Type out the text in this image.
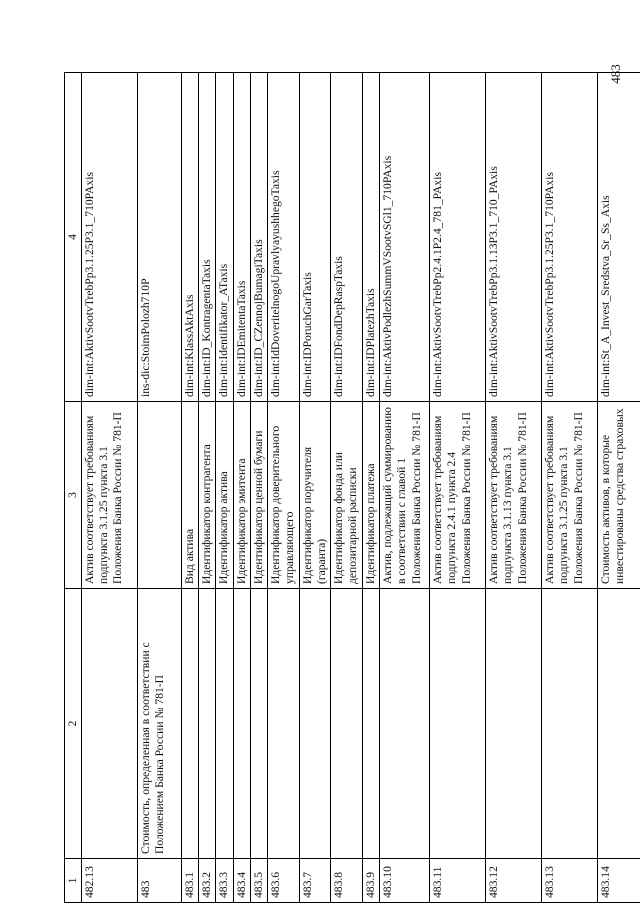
483
1	2	3	4
482.13		Актив соответствует требованиям подпункта 3.1.25 пункта 3.1 Положения Банка России № 781-П	dim-int:AktivSootvTrebPp3.1.25P3.1_710PAxis
483	Стоимость, определенная в соответствии с Положением Банка России № 781-П		ins-dic:StoimPolozh710P
483.1		Вид актива	dim-int:KlassAktAxis
483.2		Идентификатор контрагента	dim-int:ID_KontragentaTaxis
483.3		Идентификатор актива	dim-int:Identifikator_ATaxis
483.4		Идентификатор эмитента	dim-int:IDEmitentaTaxis
483.5		Идентификатор ценной бумаги	dim-int:ID_CZennojBumagiTaxis
483.6		Идентификатор доверительного управляющего	dim-int:IdDoveritelnogoUpravlyayushhegoTaxis
483.7		Идентификатор поручителя (гаранта)	dim-int:IDPoruchGarTaxis
483.8		Идентификатор фонда или депозитарной расписки	dim-int:IDFondDepRaspTaxis
483.9		Идентификатор платежа	dim-int:IDPlatezhTaxis
483.10		Актив, подлежащий суммированию в соответствии с главой 1 Положения Банка России № 781-П	dim-int:AktivPodlezhSummVSootvSGl1_710PAxis
483.11		Актив соответствует требованиям подпункта 2.4.1 пункта 2.4 Положения Банка России № 781-П	dim-int:AktivSootvTrebPp2.4.1P2.4_781_PAxis
483.12		Актив соответствует требованиям подпункта 3.1.13 пункта 3.1 Положения Банка России № 781-П	dim-int:AktivSootvTrebPp3.1.13P3.1_710_PAxis
483.13		Актив соответствует требованиям подпункта 3.1.25 пункта 3.1 Положения Банка России № 781-П	dim-int:AktivSootvTrebPp3.1.25P3.1_710PAxis
483.14		Стоимость активов, в которые инвестированы средства страховых	dim-int:St_A_Invest_Sredstva_Sr_Ss_Axis
